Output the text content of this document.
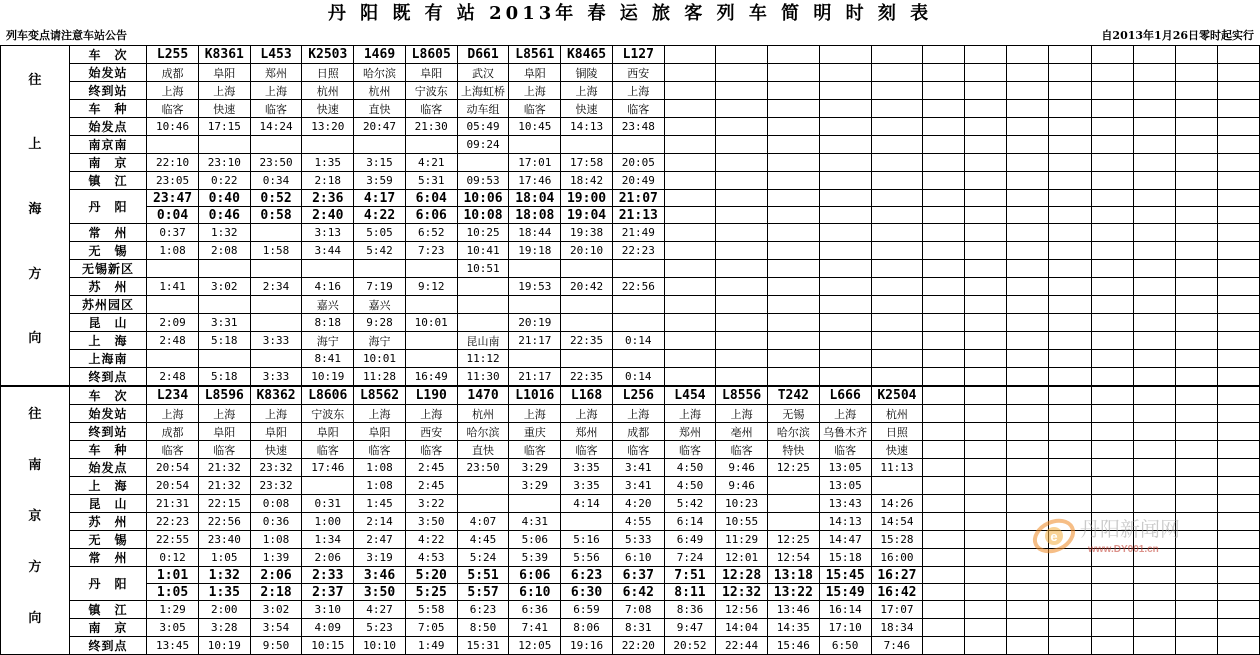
丹 阳 既 有 站 2013年 春 运 旅 客 列 车 简 明 时 刻 表
列车变点请注意车站公告	自2013年1月26日零时起实行
往
上
海
方
向	车　次	L255	K8361	L453	K2503	1469	L8605	D661	L8561	K8465	L127													
	始发站	成都	阜阳	郑州	日照	哈尔滨	阜阳	武汉	阜阳	铜陵	西安													
	终到站	上海	上海	上海	杭州	杭州	宁波东	上海虹桥	上海	上海	上海													
	车　种	临客	快速	临客	快速	直快	临客	动车组	临客	快速	临客													
	始发点	10:46	17:15	14:24	13:20	20:47	21:30	05:49	10:45	14:13	23:48													
	南京南							09:24																
	南　京	22:10	23:10	23:50	1:35	3:15	4:21		17:01	17:58	20:05													
	镇　江	23:05	0:22	0:34	2:18	3:59	5:31	09:53	17:46	18:42	20:49													
	丹　阳	23:47	0:40	0:52	2:36	4:17	6:04	10:06	18:04	19:00	21:07													
		0:04	0:46	0:58	2:40	4:22	6:06	10:08	18:08	19:04	21:13													
	常　州	0:37	1:32		3:13	5:05	6:52	10:25	18:44	19:38	21:49													
	无　锡	1:08	2:08	1:58	3:44	5:42	7:23	10:41	19:18	20:10	22:23													
	无锡新区							10:51																
	苏　州	1:41	3:02	2:34	4:16	7:19	9:12		19:53	20:42	22:56													
	苏州园区				嘉兴	嘉兴																		
	昆　山	2:09	3:31		8:18	9:28	10:01		20:19															
	上　海	2:48	5:18	3:33	海宁	海宁		昆山南	21:17	22:35	0:14													
	上海南				8:41	10:01		11:12																
	终到点	2:48	5:18	3:33	10:19	11:28	16:49	11:30	21:17	22:35	0:14													

往
南
京
方
向	车　次	L234	L8596	K8362	L8606	L8562	L190	1470	L1016	L168	L256	L454	L8556	T242	L666	K2504								
	始发站	上海	上海	上海	宁波东	上海	上海	杭州	上海	上海	上海	上海	上海	无锡	上海	杭州								
	终到站	成都	阜阳	阜阳	阜阳	阜阳	西安	哈尔滨	重庆	郑州	成都	郑州	亳州	哈尔滨	乌鲁木齐	日照								
	车　种	临客	临客	快速	临客	临客	临客	直快	临客	临客	临客	临客	临客	特快	临客	快速								
	始发点	20:54	21:32	23:32	17:46	1:08	2:45	23:50	3:29	3:35	3:41	4:50	9:46	12:25	13:05	11:13								
	上　海	20:54	21:32	23:32		1:08	2:45		3:29	3:35	3:41	4:50	9:46		13:05									
	昆　山	21:31	22:15	0:08	0:31	1:45	3:22			4:14	4:20	5:42	10:23		13:43	14:26								
	苏　州	22:23	22:56	0:36	1:00	2:14	3:50	4:07	4:31		4:55	6:14	10:55		14:13	14:54								
	无　锡	22:55	23:40	1:08	1:34	2:47	4:22	4:45	5:06	5:16	5:33	6:49	11:29	12:25	14:47	15:28								
	常　州	0:12	1:05	1:39	2:06	3:19	4:53	5:24	5:39	5:56	6:10	7:24	12:01	12:54	15:18	16:00								
	丹　阳	1:01	1:32	2:06	2:33	3:46	5:20	5:51	6:06	6:23	6:37	7:51	12:28	13:18	15:45	16:27								
		1:05	1:35	2:18	2:37	3:50	5:25	5:57	6:10	6:30	6:42	8:11	12:32	13:22	15:49	16:42								
	镇　江	1:29	2:00	3:02	3:10	4:27	5:58	6:23	6:36	6:59	7:08	8:36	12:56	13:46	16:14	17:07								
	南　京	3:05	3:28	3:54	4:09	5:23	7:05	8:50	7:41	8:06	8:31	9:47	14:04	14:35	17:10	18:34								
	终到点	13:45	10:19	9:50	10:15	10:10	1:49	15:31	12:05	19:16	22:20	20:52	22:44	15:46	6:50	7:46								
e 丹阳新闻网
www.DY001.cn
